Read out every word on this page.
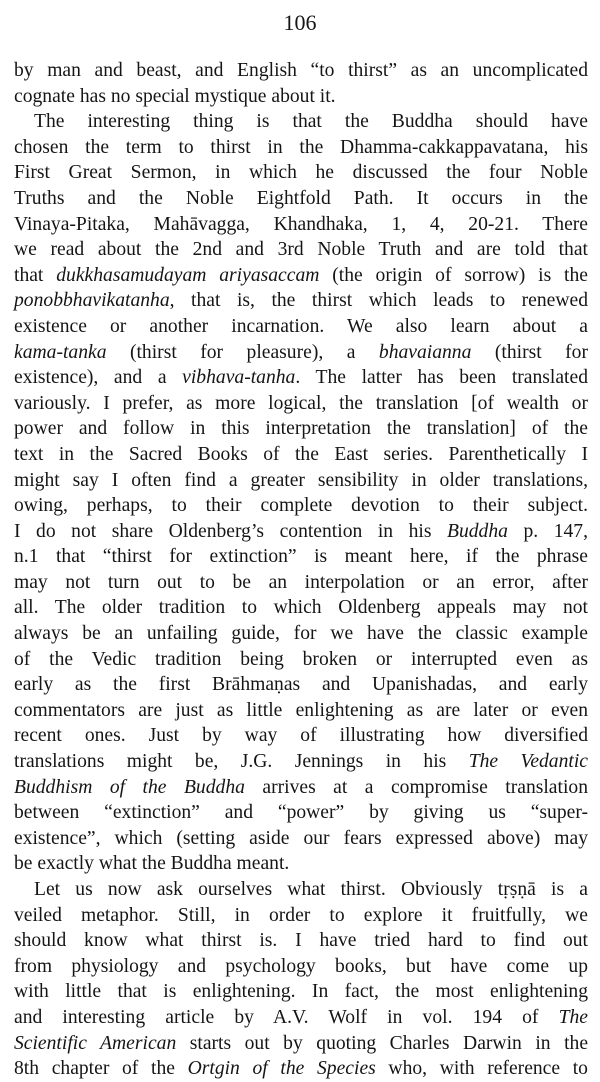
106
by man and beast, and English “to thirst” as an uncomplicated
cognate has no special mystique about it.
The interesting thing is that the Buddha should have
chosen the term to thirst in the Dhamma-cakkappavatana, his
First Great Sermon, in which he discussed the four Noble
Truths and the Noble Eightfold Path. It occurs in the
Vinaya-Pitaka, Mahāvagga, Khandhaka, 1, 4, 20-21. There
we read about the 2nd and 3rd Noble Truth and are told that
that dukkhasamudayam ariyasaccam (the origin of sorrow) is the
ponobbhavikatanha, that is, the thirst which leads to renewed
existence or another incarnation. We also learn about a
kama-tanka (thirst for pleasure), a bhavaianna (thirst for
existence), and a vibhava-tanha. The latter has been translated
variously. I prefer, as more logical, the translation [of wealth or
power and follow in this interpretation the translation] of the
text in the Sacred Books of the East series. Parenthetically I
might say I often find a greater sensibility in older translations,
owing, perhaps, to their complete devotion to their subject.
I do not share Oldenberg’s contention in his Buddha p. 147,
n.1 that “thirst for extinction” is meant here, if the phrase
may not turn out to be an interpolation or an error, after
all. The older tradition to which Oldenberg appeals may not
always be an unfailing guide, for we have the classic example
of the Vedic tradition being broken or interrupted even as
early as the first Brāhmaṇas and Upanishadas, and early
commentators are just as little enlightening as are later or even
recent ones. Just by way of illustrating how diversified
translations might be, J.G. Jennings in his The Vedantic
Buddhism of the Buddha arrives at a compromise translation
between “extinction” and “power” by giving us “super-
existence”, which (setting aside our fears expressed above) may
be exactly what the Buddha meant.
Let us now ask ourselves what thirst. Obviously tṛṣṇā is a
veiled metaphor. Still, in order to explore it fruitfully, we
should know what thirst is. I have tried hard to find out
from physiology and psychology books, but have come up
with little that is enlightening. In fact, the most enlightening
and interesting article by A.V. Wolf in vol. 194 of The
Scientific American starts out by quoting Charles Darwin in the
8th chapter of the Ortgin of the Species who, with reference to
